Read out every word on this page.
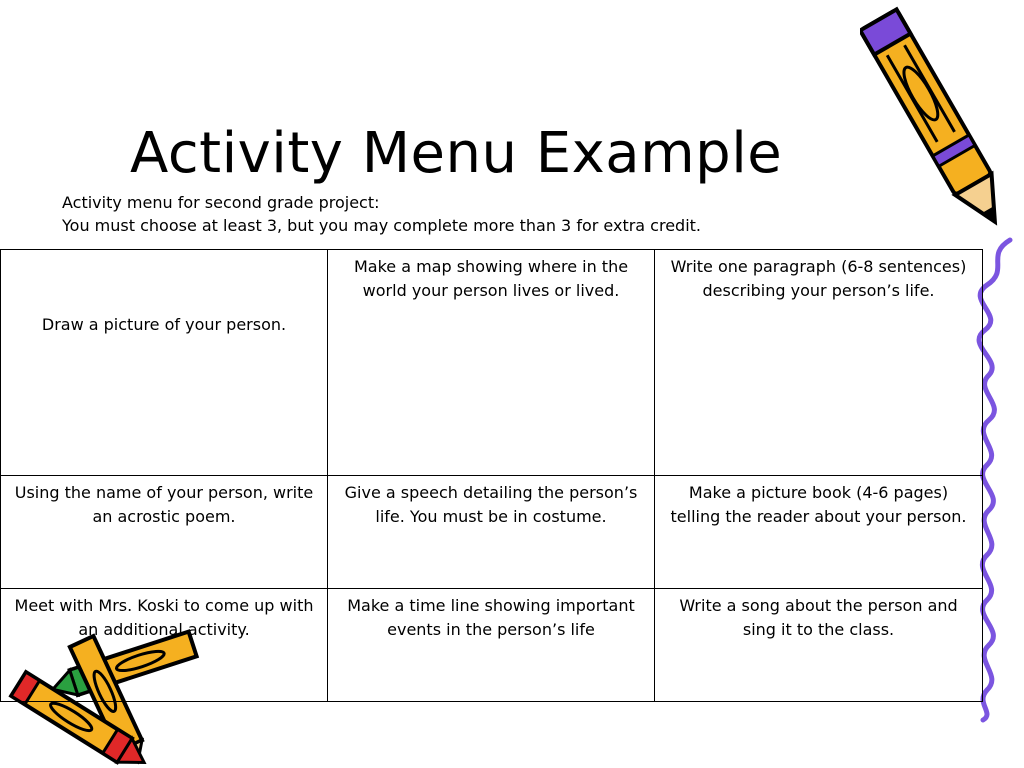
Activity Menu Example
Activity menu for second grade project:
You must choose at least 3, but you may complete more than 3 for extra credit.
Draw a picture of your person.	Make a map showing where in the world your person lives or lived.	Write one paragraph (6-8 sentences) describing your person’s life.
Using the name of your person, write an acrostic poem.	Give a speech detailing the person’s life. You must be in costume.	Make a picture book (4-6 pages) telling the reader about your person.
Meet with Mrs. Koski to come up with an additional activity.	Make a time line showing important events in the person’s life	Write a song about the person and sing it to the class.
